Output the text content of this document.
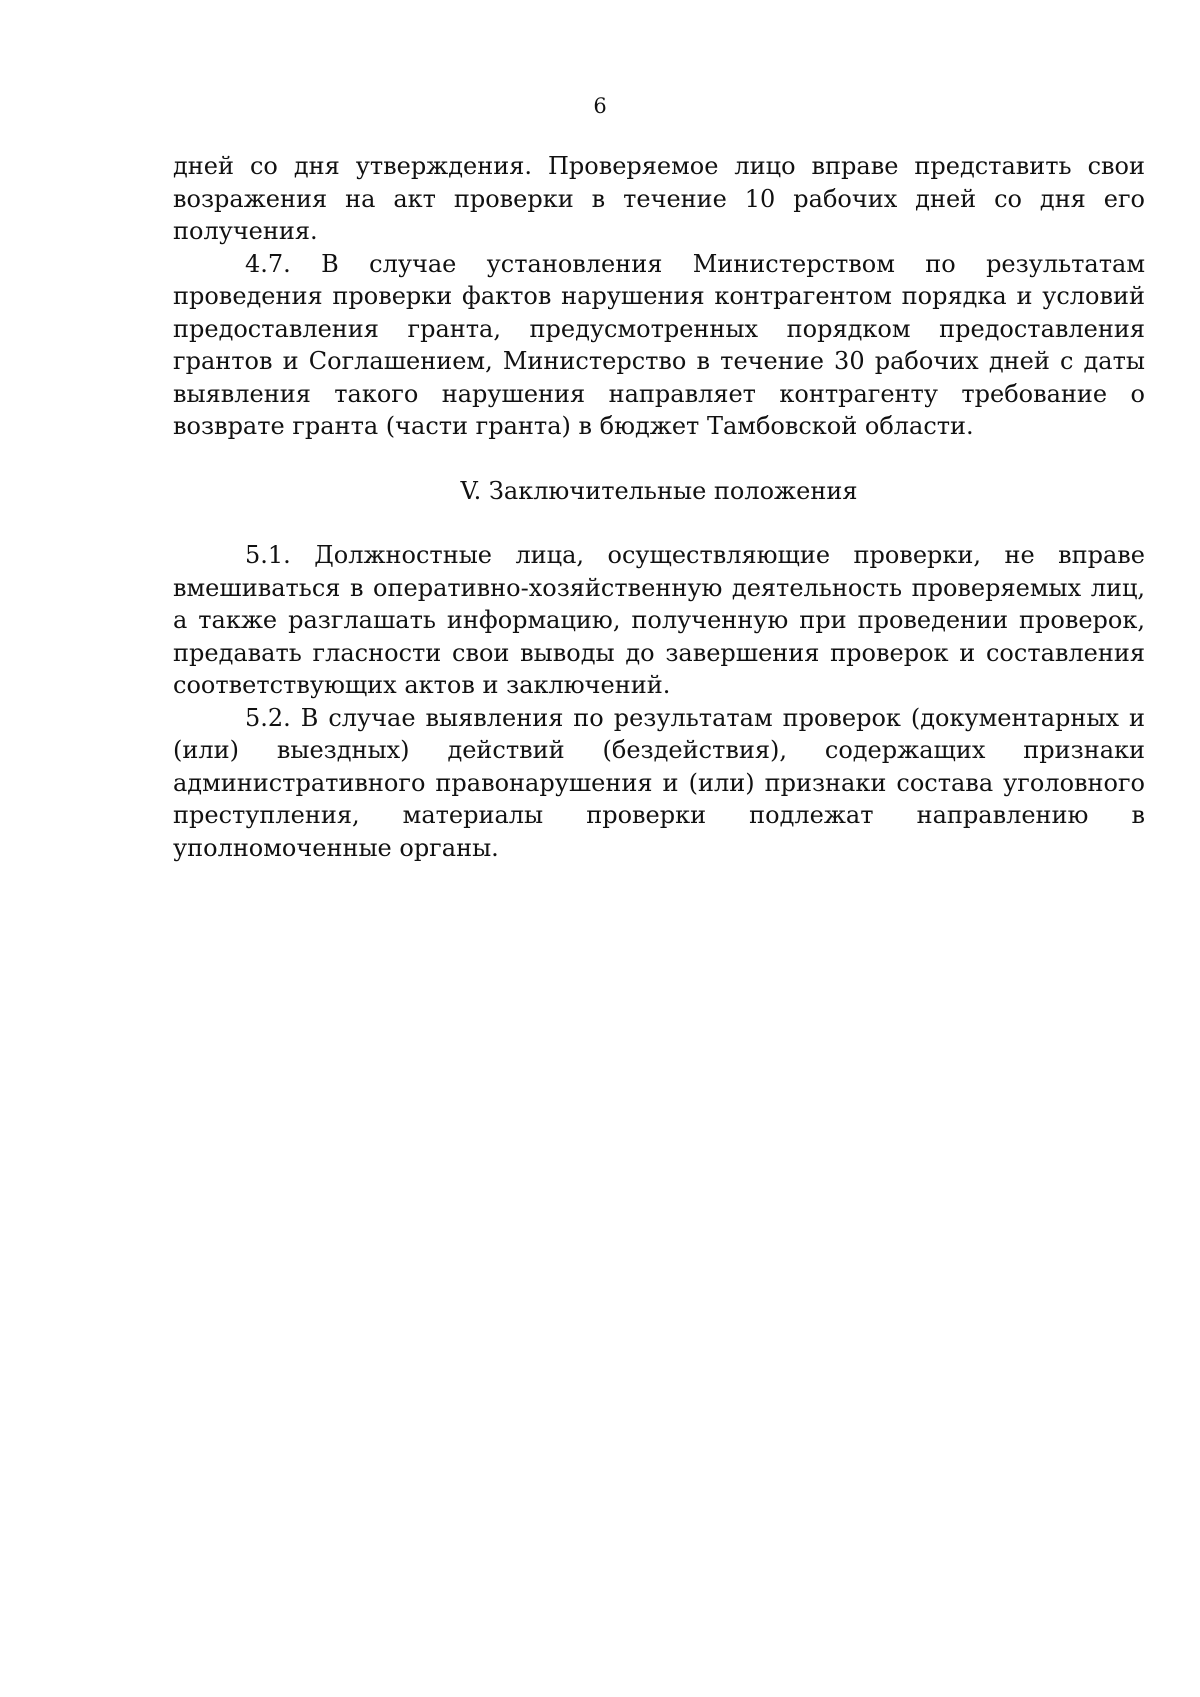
6

дней со дня утверждения. Проверяемое лицо вправе представить свои возражения на акт проверки в течение 10 рабочих дней со дня его получения.

4.7. В случае установления Министерством по результатам проведения проверки фактов нарушения контрагентом порядка и условий предоставления гранта, предусмотренных порядком предоставления грантов и Соглашением, Министерство в течение 30 рабочих дней с даты выявления такого нарушения направляет контрагенту требование о возврате гранта (части гранта) в бюджет Тамбовской области.

V. Заключительные положения

5.1. Должностные лица, осуществляющие проверки, не вправе вмешиваться в оперативно-хозяйственную деятельность проверяемых лиц, а также разглашать информацию, полученную при проведении проверок, предавать гласности свои выводы до завершения проверок и составления соответствующих актов и заключений.

5.2. В случае выявления по результатам проверок (документарных и (или) выездных) действий (бездействия), содержащих признаки административного правонарушения и (или) признаки состава уголовного преступления, материалы проверки подлежат направлению в уполномоченные органы.
